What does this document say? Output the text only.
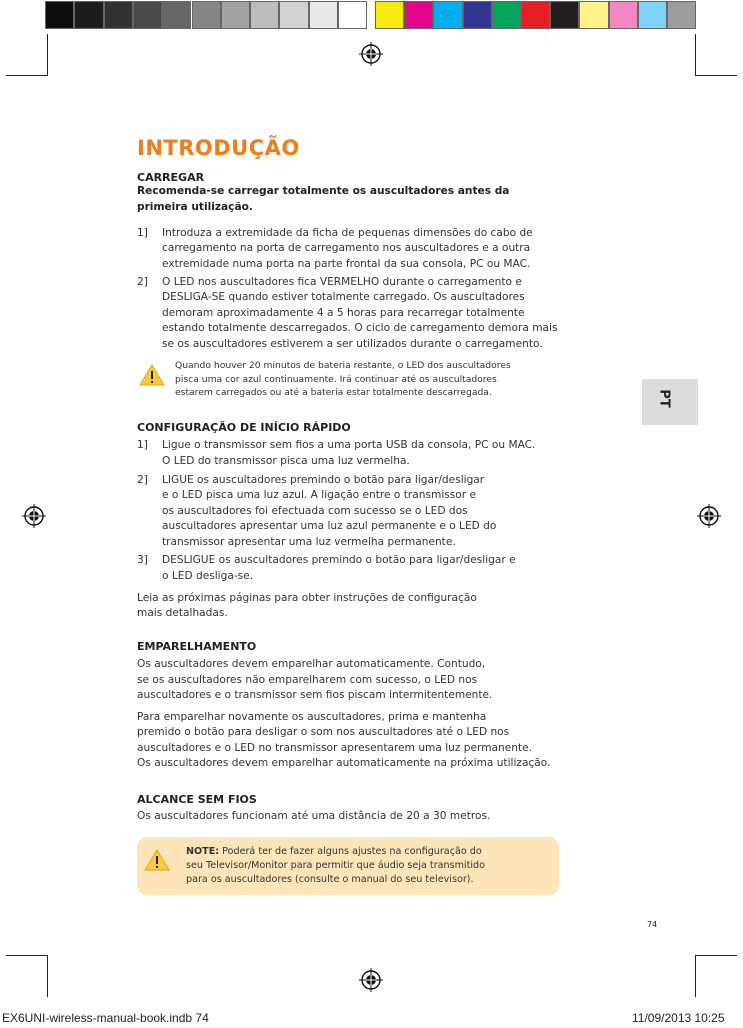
INTRODUÇÃO
CARREGAR
Recomenda-se carregar totalmente os auscultadores antes da
primeira utilização.
1] Introduza a extremidade da ficha de pequenas dimensões do cabo de
carregamento na porta de carregamento nos auscultadores e a outra
extremidade numa porta na parte frontal da sua consola, PC ou MAC.
2] O LED nos auscultadores fica VERMELHO durante o carregamento e
DESLIGA-SE quando estiver totalmente carregado. Os auscultadores
demoram aproximadamente 4 a 5 horas para recarregar totalmente
estando totalmente descarregados. O ciclo de carregamento demora mais
se os auscultadores estiverem a ser utilizados durante o carregamento.
Quando houver 20 minutos de bateria restante, o LED dos auscultadores
pisca uma cor azul continuamente. Irá continuar até os auscultadores
estarem carregados ou até a bateria estar totalmente descarregada.	PT
CONFIGURAÇÃO DE INÍCIO RÁPIDO
1] Ligue o transmissor sem fios a uma porta USB da consola, PC ou MAC.
O LED do transmissor pisca uma luz vermelha.
2] LIGUE os auscultadores premindo o botão para ligar/desligar
e o LED pisca uma luz azul. A ligação entre o transmissor e
os auscultadores foi efectuada com sucesso se o LED dos
auscultadores apresentar uma luz azul permanente e o LED do
transmissor apresentar uma luz vermelha permanente.
3] DESLIGUE os auscultadores premindo o botão para ligar/desligar e
o LED desliga-se.
Leia as próximas páginas para obter instruções de configuração
mais detalhadas.
EMPARELHAMENTO
Os auscultadores devem emparelhar automaticamente. Contudo,
se os auscultadores não emparelharem com sucesso, o LED nos
auscultadores e o transmissor sem fios piscam intermitentemente.
Para emparelhar novamente os auscultadores, prima e mantenha
premido o botão para desligar o som nos auscultadores até o LED nos
auscultadores e o LED no transmissor apresentarem uma luz permanente.
Os auscultadores devem emparelhar automaticamente na próxima utilização.
ALCANCE SEM FIOS
Os auscultadores funcionam até uma distância de 20 a 30 metros.
NOTE: Poderá ter de fazer alguns ajustes na configuração do
seu Televisor/Monitor para permitir que áudio seja transmitido
para os auscultadores (consulte o manual do seu televisor).
74
EX6UNI-wireless-manual-book.indb 74	11/09/2013 10:25
